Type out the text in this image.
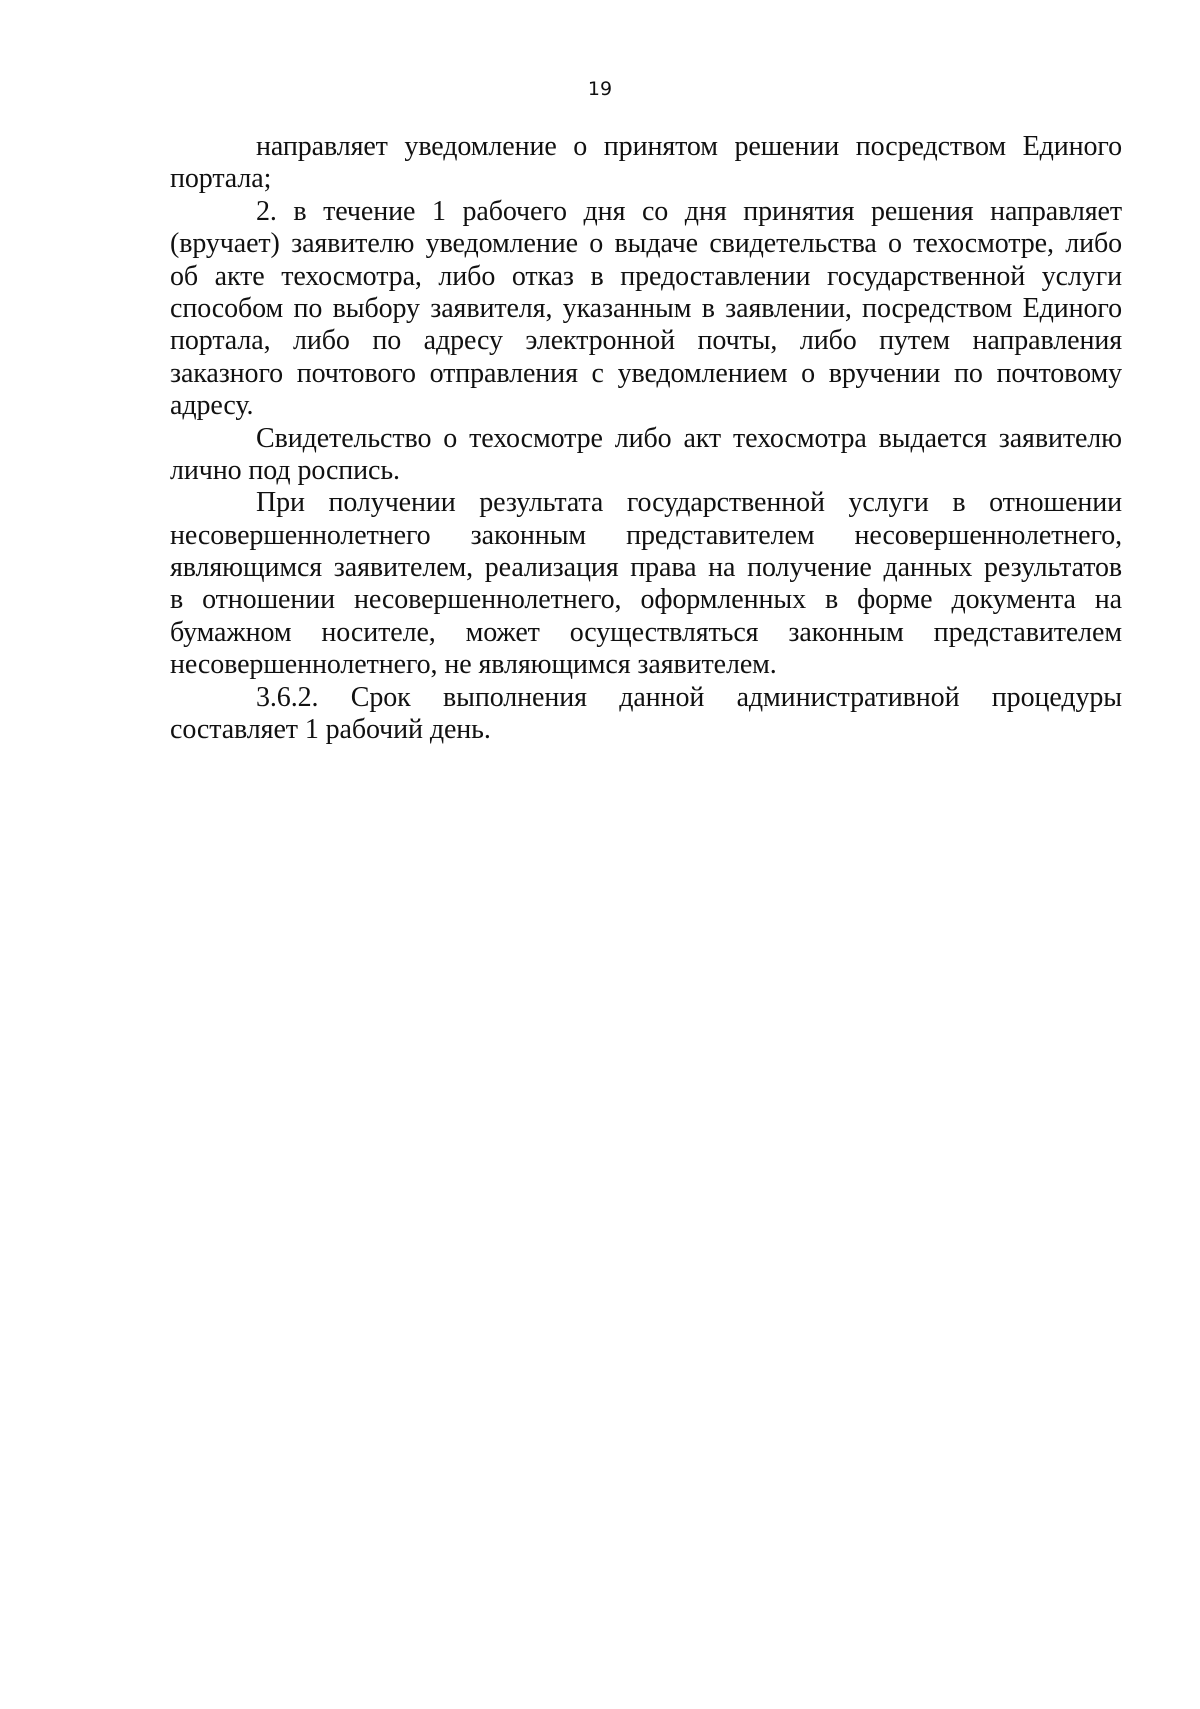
19
направляет уведомление о принятом решении посредством Единого
портала;
2. в течение 1 рабочего дня со дня принятия решения направляет
(вручает) заявителю уведомление о выдаче свидетельства о техосмотре, либо
об акте техосмотра, либо отказ в предоставлении государственной услуги
способом по выбору заявителя, указанным в заявлении, посредством Единого
портала, либо по адресу электронной почты, либо путем направления
заказного почтового отправления с уведомлением о вручении по почтовому
адресу.
Свидетельство о техосмотре либо акт техосмотра выдается заявителю
лично под роспись.
При получении результата государственной услуги в отношении
несовершеннолетнего законным представителем несовершеннолетнего,
являющимся заявителем, реализация права на получение данных результатов
в отношении несовершеннолетнего, оформленных в форме документа на
бумажном носителе, может осуществляться законным представителем
несовершеннолетнего, не являющимся заявителем.
3.6.2. Срок выполнения данной административной процедуры
составляет 1 рабочий день.
